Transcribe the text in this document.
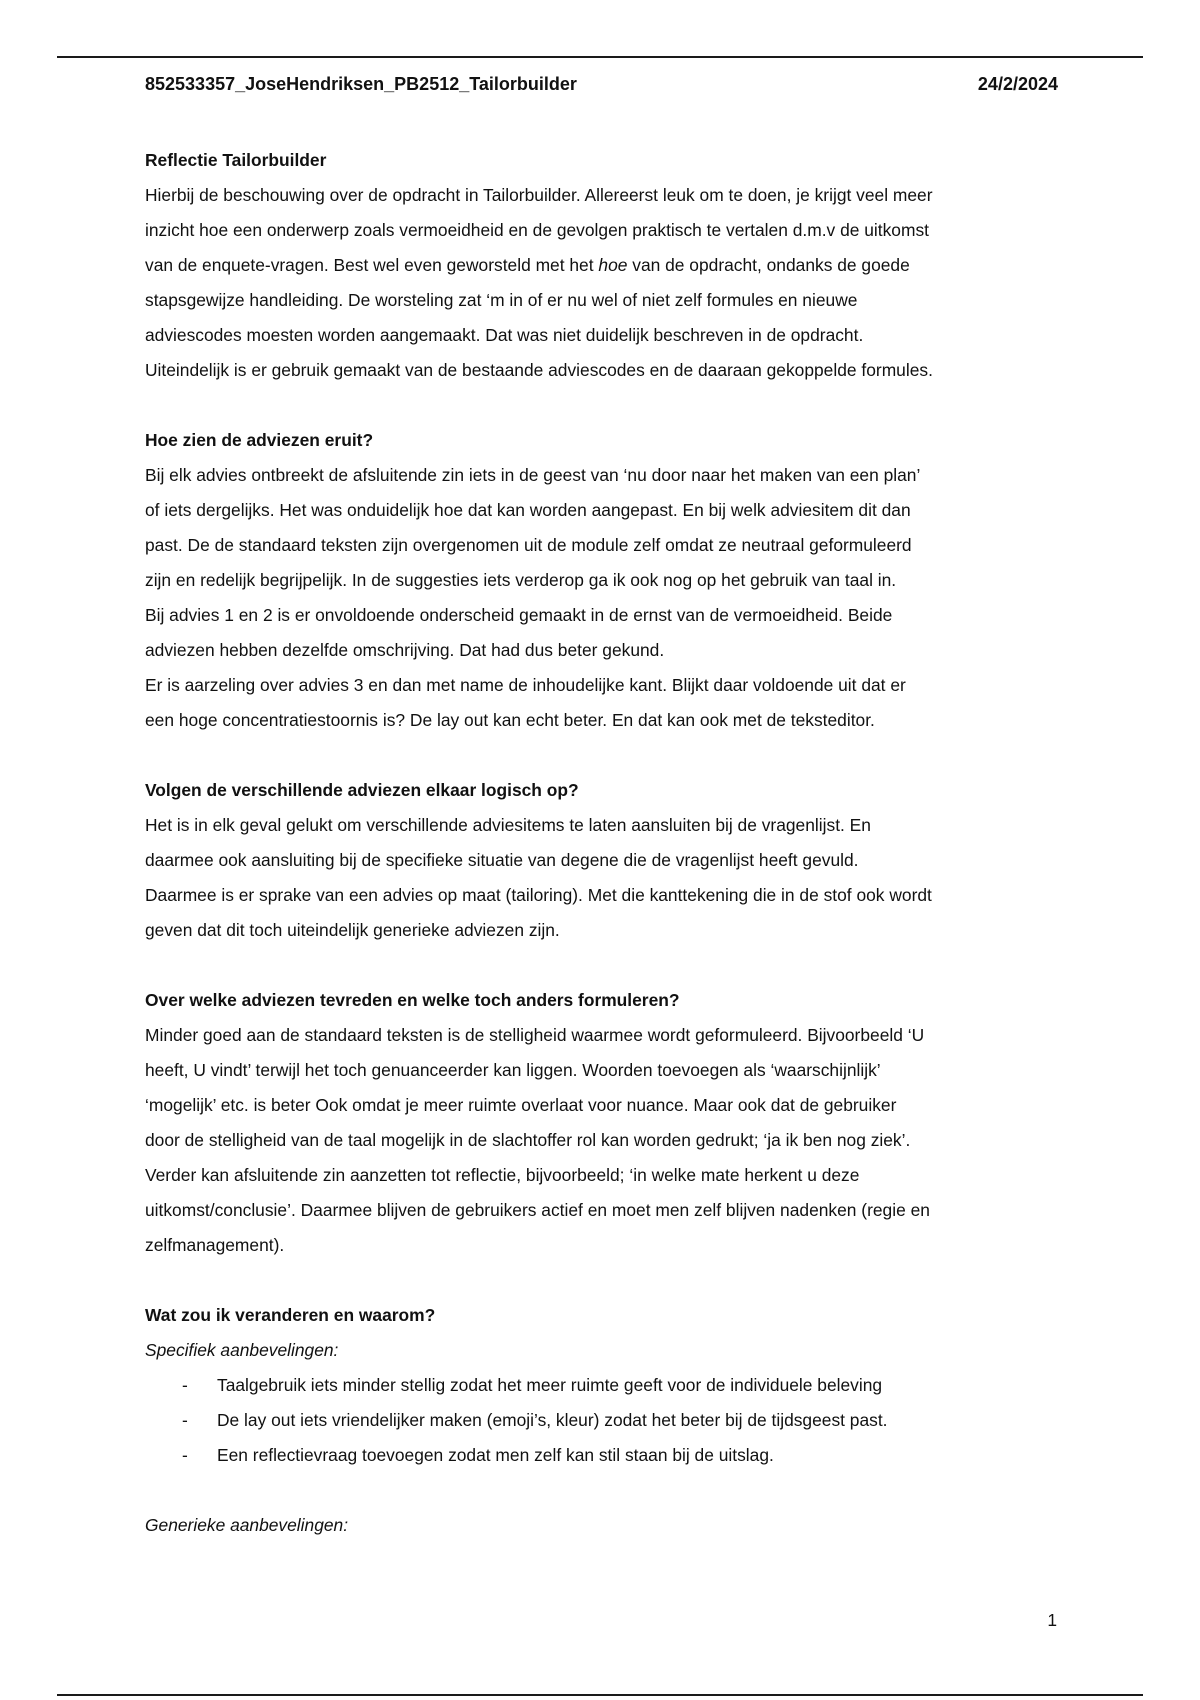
852533357_JoseHendriksen_PB2512_Tailorbuilder	24/2/2024
Reflectie Tailorbuilder

Hierbij de beschouwing over de opdracht in Tailorbuilder. Allereerst leuk om te doen, je krijgt veel meer

inzicht hoe een onderwerp zoals vermoeidheid en de gevolgen praktisch te vertalen d.m.v de uitkomst

van de enquete-vragen. Best wel even geworsteld met het hoe van de opdracht, ondanks de goede

stapsgewijze handleiding. De worsteling zat ‘m in of er nu wel of niet zelf formules en nieuwe

adviescodes moesten worden aangemaakt. Dat was niet duidelijk beschreven in de opdracht.

Uiteindelijk is er gebruik gemaakt van de bestaande adviescodes en de daaraan gekoppelde formules.

Hoe zien de adviezen eruit?

Bij elk advies ontbreekt de afsluitende zin iets in de geest van ‘nu door naar het maken van een plan’

of iets dergelijks. Het was onduidelijk hoe dat kan worden aangepast. En bij welk adviesitem dit dan

past. De de standaard teksten zijn overgenomen uit de module zelf omdat ze neutraal geformuleerd

zijn en redelijk begrijpelijk. In de suggesties iets verderop ga ik ook nog op het gebruik van taal in.

Bij advies 1 en 2 is er onvoldoende onderscheid gemaakt in de ernst van de vermoeidheid. Beide

adviezen hebben dezelfde omschrijving. Dat had dus beter gekund.

Er is aarzeling over advies 3 en dan met name de inhoudelijke kant. Blijkt daar voldoende uit dat er

een hoge concentratiestoornis is? De lay out kan echt beter. En dat kan ook met de teksteditor.

Volgen de verschillende adviezen elkaar logisch op?

Het is in elk geval gelukt om verschillende adviesitems te laten aansluiten bij de vragenlijst. En

daarmee ook aansluiting bij de specifieke situatie van degene die de vragenlijst heeft gevuld.

Daarmee is er sprake van een advies op maat (tailoring). Met die kanttekening die in de stof ook wordt

geven dat dit toch uiteindelijk generieke adviezen zijn.

Over welke adviezen tevreden en welke toch anders formuleren?

Minder goed aan de standaard teksten is de stelligheid waarmee wordt geformuleerd. Bijvoorbeeld ‘U

heeft, U vindt’ terwijl het toch genuanceerder kan liggen. Woorden toevoegen als ‘waarschijnlijk’

‘mogelijk’ etc. is beter Ook omdat je meer ruimte overlaat voor nuance. Maar ook dat de gebruiker

door de stelligheid van de taal mogelijk in de slachtoffer rol kan worden gedrukt; ‘ja ik ben nog ziek’.

Verder kan afsluitende zin aanzetten tot reflectie, bijvoorbeeld; ‘in welke mate herkent u deze

uitkomst/conclusie’. Daarmee blijven de gebruikers actief en moet men zelf blijven nadenken (regie en

zelfmanagement).

Wat zou ik veranderen en waarom?

Specifiek aanbevelingen:

- Taalgebruik iets minder stellig zodat het meer ruimte geeft voor de individuele beleving
- De lay out iets vriendelijker maken (emoji’s, kleur) zodat het beter bij de tijdsgeest past.
- Een reflectievraag toevoegen zodat men zelf kan stil staan bij de uitslag.

Generieke aanbevelingen:

1
